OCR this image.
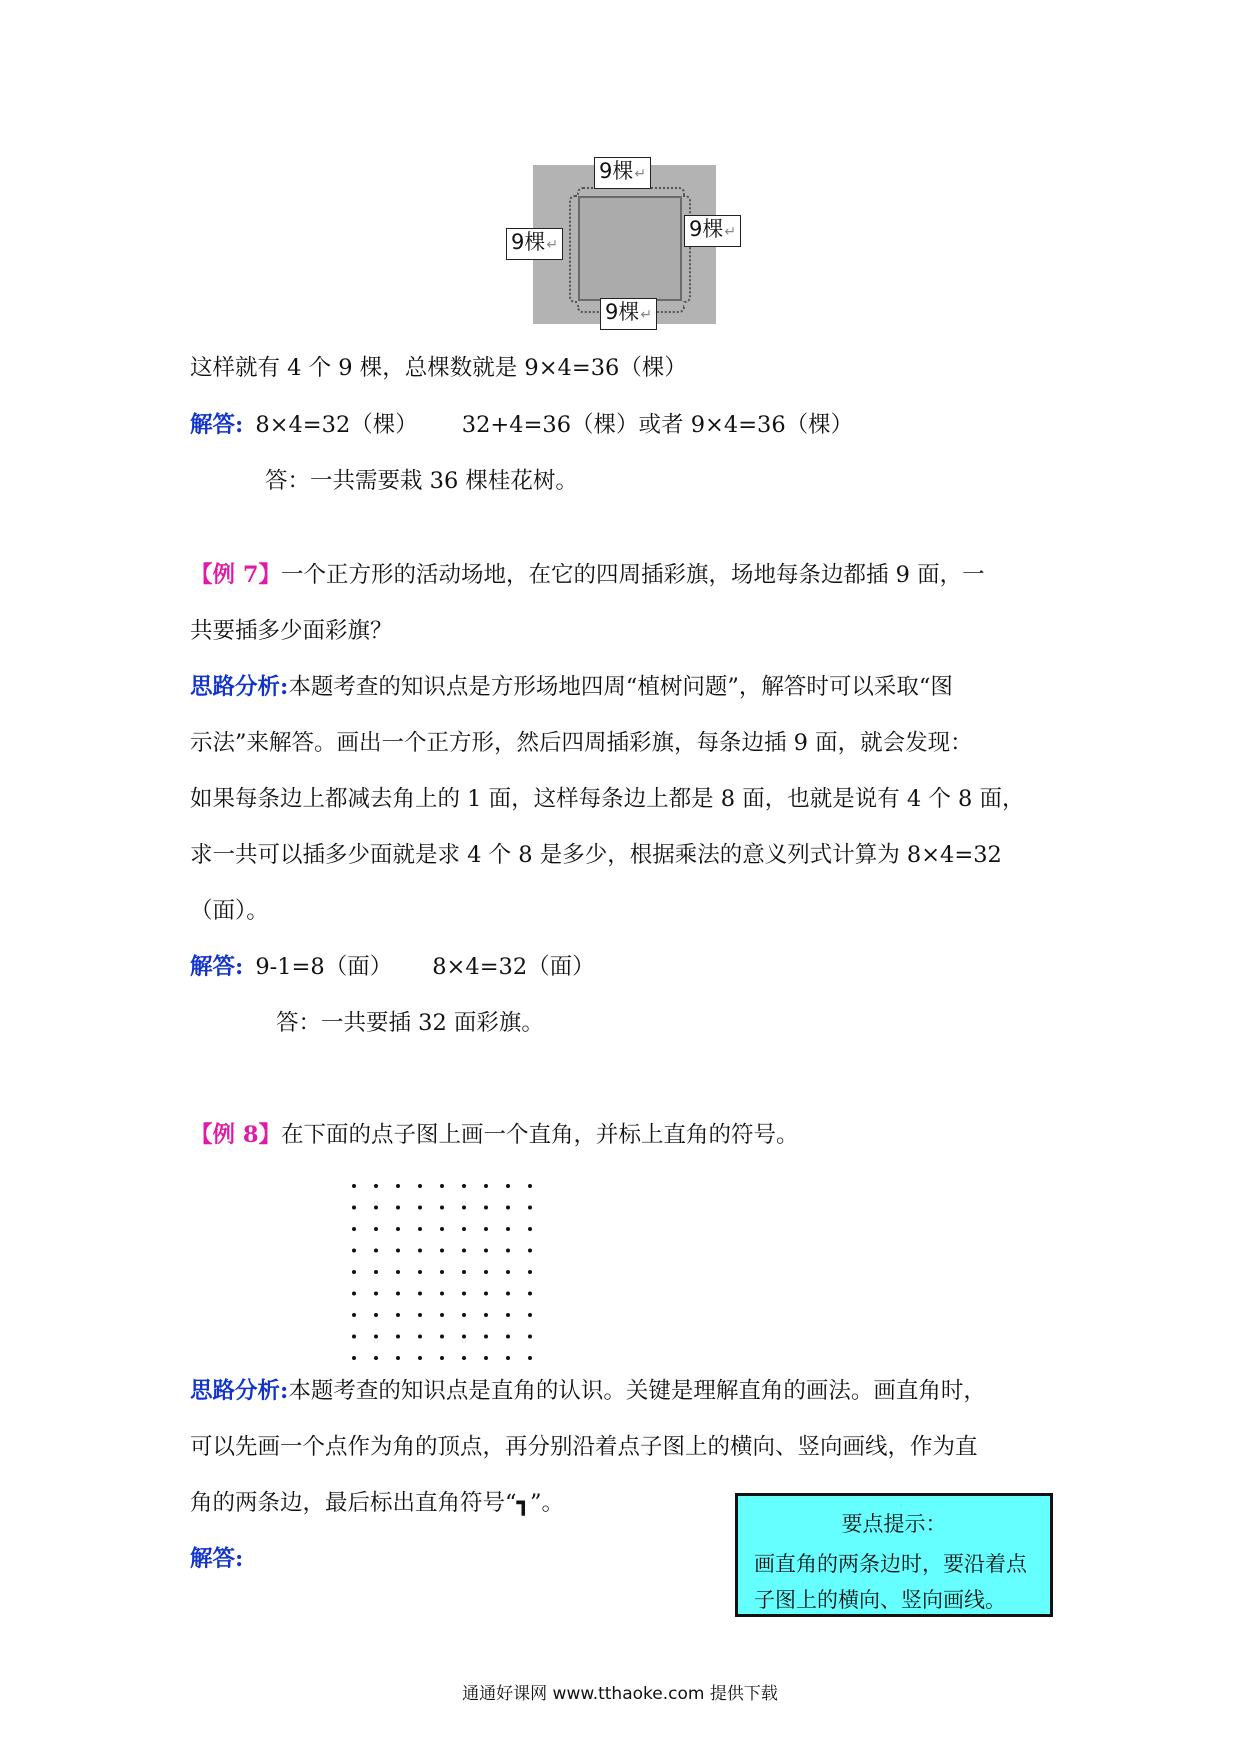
9棵↵
9棵↵
9棵↵
9棵↵
这样就有 4 个 9 棵，总棵数就是 9×4=36（棵）
解答: 8×4=32（棵） 32+4=36（棵）或者 9×4=36（棵）
答：一共需要栽 36 棵桂花树。
【例 7】一个正方形的活动场地，在它的四周插彩旗，场地每条边都插 9 面，一
共要插多少面彩旗？
思路分析:本题考查的知识点是方形场地四周“植树问题”，解答时可以采取“图
示法”来解答。画出一个正方形，然后四周插彩旗，每条边插 9 面，就会发现：
如果每条边上都减去角上的 1 面，这样每条边上都是 8 面，也就是说有 4 个 8 面，
求一共可以插多少面就是求 4 个 8 是多少，根据乘法的意义列式计算为 8×4=32
（面）。
解答: 9-1=8（面） 8×4=32（面）
答：一共要插 32 面彩旗。
【例 8】在下面的点子图上画一个直角，并标上直角的符号。
思路分析:本题考查的知识点是直角的认识。关键是理解直角的画法。画直角时，
可以先画一个点作为角的顶点，再分别沿着点子图上的横向、竖向画线，作为直
角的两条边，最后标出直角符号“┓”。
解答:
要点提示：
画直角的两条边时，要沿着点
子图上的横向、竖向画线。
通通好课网 www.tthaoke.com 提供下载
